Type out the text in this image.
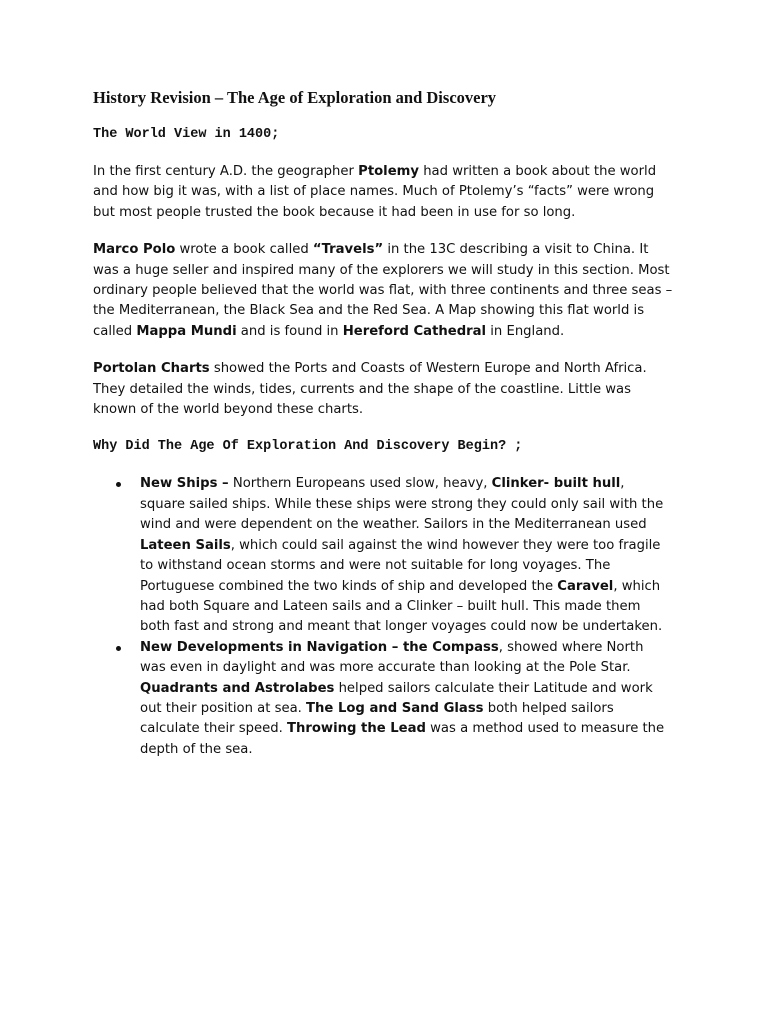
History Revision – The Age of Exploration and Discovery
The World View in 1400;

In the first century A.D. the geographer Ptolemy had written a book about the world and how big it was, with a list of place names. Much of Ptolemy’s “facts” were wrong but most people trusted the book because it had been in use for so long.

Marco Polo wrote a book called “Travels” in the 13C describing a visit to China. It was a huge seller and inspired many of the explorers we will study in this section. Most ordinary people believed that the world was flat, with three continents and three seas – the Mediterranean, the Black Sea and the Red Sea. A Map showing this flat world is called Mappa Mundi and is found in Hereford Cathedral in England.

Portolan Charts showed the Ports and Coasts of Western Europe and North Africa. They detailed the winds, tides, currents and the shape of the coastline. Little was known of the world beyond these charts.

Why Did The Age Of Exploration And Discovery Begin? ;
New Ships – Northern Europeans used slow, heavy, Clinker- built hull, square sailed ships. While these ships were strong they could only sail with the wind and were dependent on the weather. Sailors in the Mediterranean used Lateen Sails, which could sail against the wind however they were too fragile to withstand ocean storms and were not suitable for long voyages. The Portuguese combined the two kinds of ship and developed the Caravel, which had both Square and Lateen sails and a Clinker – built hull. This made them both fast and strong and meant that longer voyages could now be undertaken.
New Developments in Navigation – the Compass, showed where North was even in daylight and was more accurate than looking at the Pole Star. Quadrants and Astrolabes helped sailors calculate their Latitude and work out their position at sea. The Log and Sand Glass both helped sailors calculate their speed. Throwing the Lead was a method used to measure the depth of the sea.
